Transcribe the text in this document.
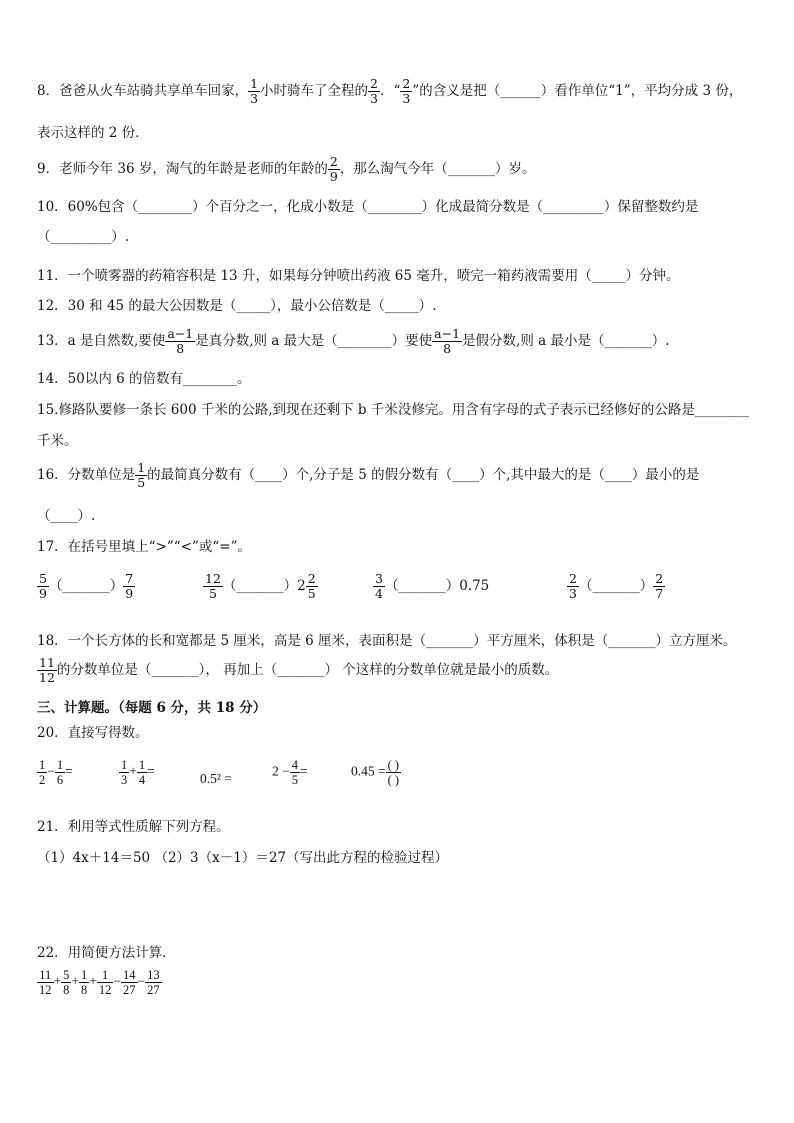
8．爸爸从火车站骑共享单车回家， $\frac{1}{3}$ 小时骑车了全程的 $\frac{2}{3}$ ．“ $\frac{2}{3}$ ”的含义是把（______）看作单位“1”，平均分成 3 份，
表示这样的 2 份．
9．老师今年 36 岁，淘气的年龄是老师的年龄的 $\frac{2}{9}$ ，那么淘气今年（_______）岁。
10．60%包含（________）个百分之一，化成小数是（________）化成最简分数是（_________）保留整数约是
（_________）.
11．一个喷雾器的药箱容积是 13 升，如果每分钟喷出药液 65 毫升，喷完一箱药液需要用（_____）分钟。
12．30 和 45 的最大公因数是（_____），最小公倍数是（_____）.
13．a 是自然数,要使 $\frac{a-1}{8}$ 是真分数,则 a 最大是（________）要使 $\frac{a-1}{8}$ 是假分数,则 a 最小是（_______）.
14．50以内 6 的倍数有________。
15.修路队要修一条长 600 千米的公路,到现在还剩下 b 千米没修完。用含有字母的式子表示已经修好的公路是________
千米。
16．分数单位是 $\frac{1}{5}$ 的最简真分数有（____）个,分子是 5 的假分数有（____）个,其中最大的是（____）最小的是
（____）.
17．在括号里填上“>”“<”或“=”。
$\frac{5}{9}$ （_______） $\frac{7}{9}$	$\frac{12}{5}$ （_______）2 $\frac{2}{5}$	$\frac{3}{4}$ （_______）0.75	$\frac{2}{3}$ （_______） $\frac{2}{7}$
18．一个长方体的长和宽都是 5 厘米，高是 6 厘米，表面积是（_______）平方厘米，体积是（_______）立方厘米。
$\frac{11}{12}$ 的分数单位是（_______）， 再加上（_______） 个这样的分数单位就是最小的质数。
三、计算题。（每题 6 分，共 18 分）
20．直接写得数。
$\frac{1}{2} - \frac{1}{6}$ =	$\frac{1}{3} + \frac{1}{4}$ =	0.5² =	$2 - \frac{4}{5}$ =	$0.45 = \frac{( )}{( )}$
21．利用等式性质解下列方程。
（1）4x＋14＝50 （2）3（x－1）＝27（写出此方程的检验过程）
22．用简便方法计算．
$\frac{11}{12} + \frac{5}{8} + \frac{1}{8} + \frac{1}{12} - \frac{14}{27} - \frac{13}{27}$
